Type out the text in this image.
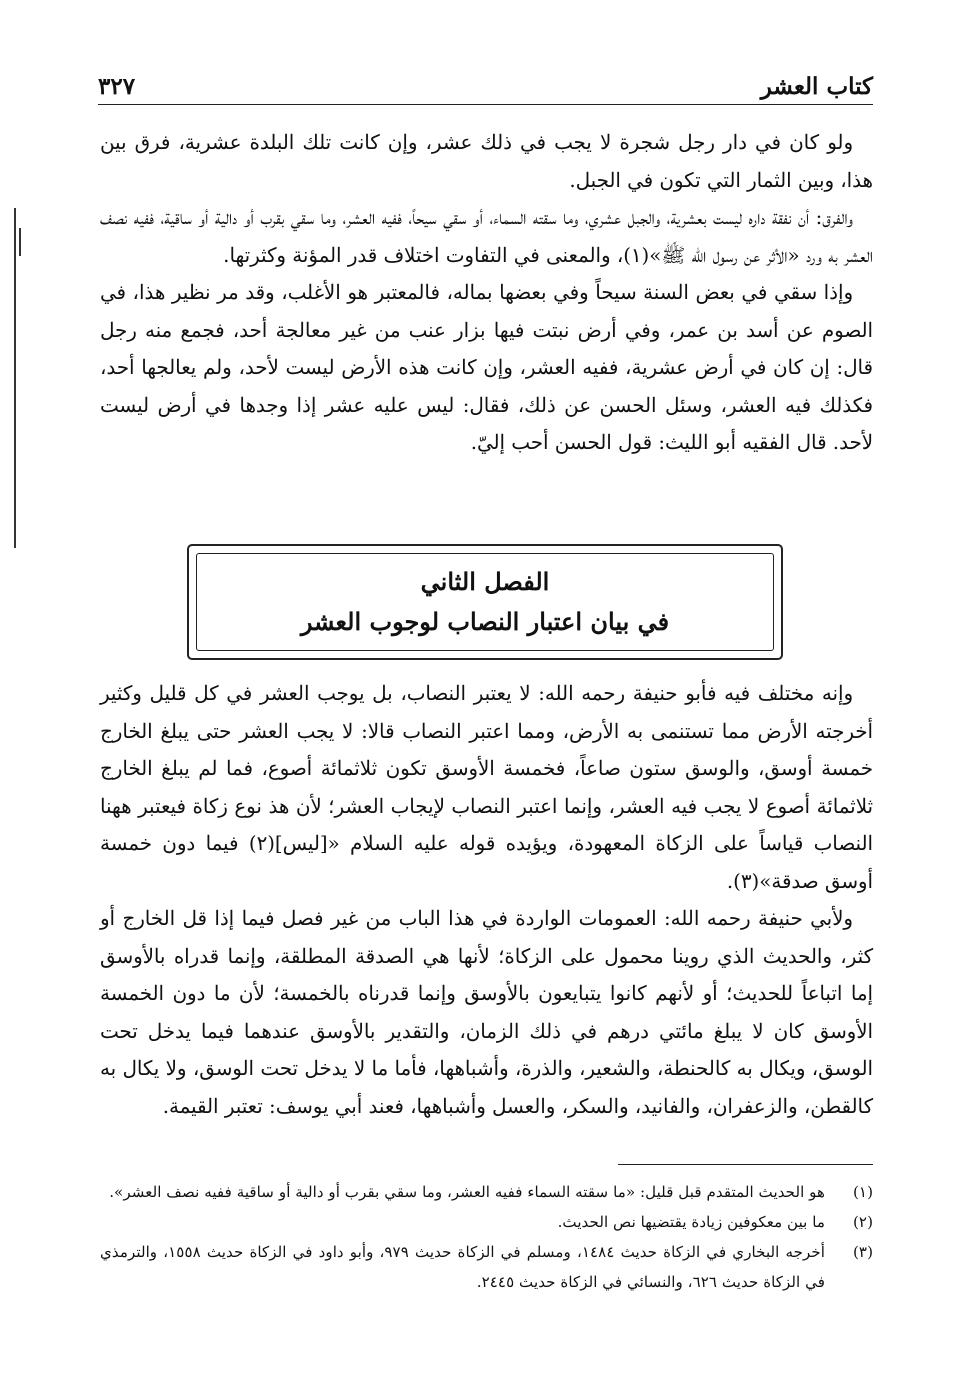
كتاب العشر
٣٢٧

ولو كان في دار رجل شجرة لا يجب في ذلك عشر، وإن كانت تلك البلدة عشرية، فرق بين هذا، وبين الثمار التي تكون في الجبل.

والفرق: أن نفقة داره ليست بعشرية، والجبل عشري، وما سقته السماء، أو سقي سيحاً، ففيه العشر، وما سقي بقرب أو دالية أو ساقية، ففيه نصف العشر به ورد «الأثر عن رسول الله ﷺ»(١)، والمعنى في التفاوت اختلاف قدر المؤنة وكثرتها.

وإذا سقي في بعض السنة سيحاً وفي بعضها بماله، فالمعتبر هو الأغلب، وقد مر نظير هذا، في الصوم عن أسد بن عمر، وفي أرض نبتت فيها بزار عنب من غير معالجة أحد، فجمع منه رجل قال: إن كان في أرض عشرية، ففيه العشر، وإن كانت هذه الأرض ليست لأحد، ولم يعالجها أحد، فكذلك فيه العشر، وسئل الحسن عن ذلك، فقال: ليس عليه عشر إذا وجدها في أرض ليست لأحد. قال الفقيه أبو الليث: قول الحسن أحب إليّ.

الفصل الثاني
في بيان اعتبار النصاب لوجوب العشر

وإنه مختلف فيه فأبو حنيفة رحمه الله: لا يعتبر النصاب، بل يوجب العشر في كل قليل وكثير أخرجته الأرض مما تستنمى به الأرض، ومما اعتبر النصاب قالا: لا يجب العشر حتى يبلغ الخارج خمسة أوسق، والوسق ستون صاعاً، فخمسة الأوسق تكون ثلاثمائة أصوع، فما لم يبلغ الخارج ثلاثمائة أصوع لا يجب فيه العشر، وإنما اعتبر النصاب لإيجاب العشر؛ لأن هذ نوع زكاة فيعتبر ههنا النصاب قياساً على الزكاة المعهودة، ويؤيده قوله عليه السلام «[ليس](٢) فيما دون خمسة أوسق صدقة»(٣).

ولأبي حنيفة رحمه الله: العمومات الواردة في هذا الباب من غير فصل فيما إذا قل الخارج أو كثر، والحديث الذي روينا محمول على الزكاة؛ لأنها هي الصدقة المطلقة، وإنما قدراه بالأوسق إما اتباعاً للحديث؛ أو لأنهم كانوا يتبايعون بالأوسق وإنما قدرناه بالخمسة؛ لأن ما دون الخمسة الأوسق كان لا يبلغ مائتي درهم في ذلك الزمان، والتقدير بالأوسق عندهما فيما يدخل تحت الوسق، ويكال به كالحنطة، والشعير، والذرة، وأشباهها، فأما ما لا يدخل تحت الوسق، ولا يكال به كالقطن، والزعفران، والفانيد، والسكر، والعسل وأشباهها، فعند أبي يوسف: تعتبر القيمة.

(١)
هو الحديث المتقدم قبل قليل: «ما سقته السماء ففيه العشر، وما سقي بقرب أو دالية أو ساقية ففيه نصف العشر».
(٢)
ما بين معكوفين زيادة يقتضيها نص الحديث.
(٣)
أخرجه البخاري في الزكاة حديث ١٤٨٤، ومسلم في الزكاة حديث ٩٧٩، وأبو داود في الزكاة حديث ١٥٥٨، والترمذي في الزكاة حديث ٦٢٦، والنسائي في الزكاة حديث ٢٤٤٥.
